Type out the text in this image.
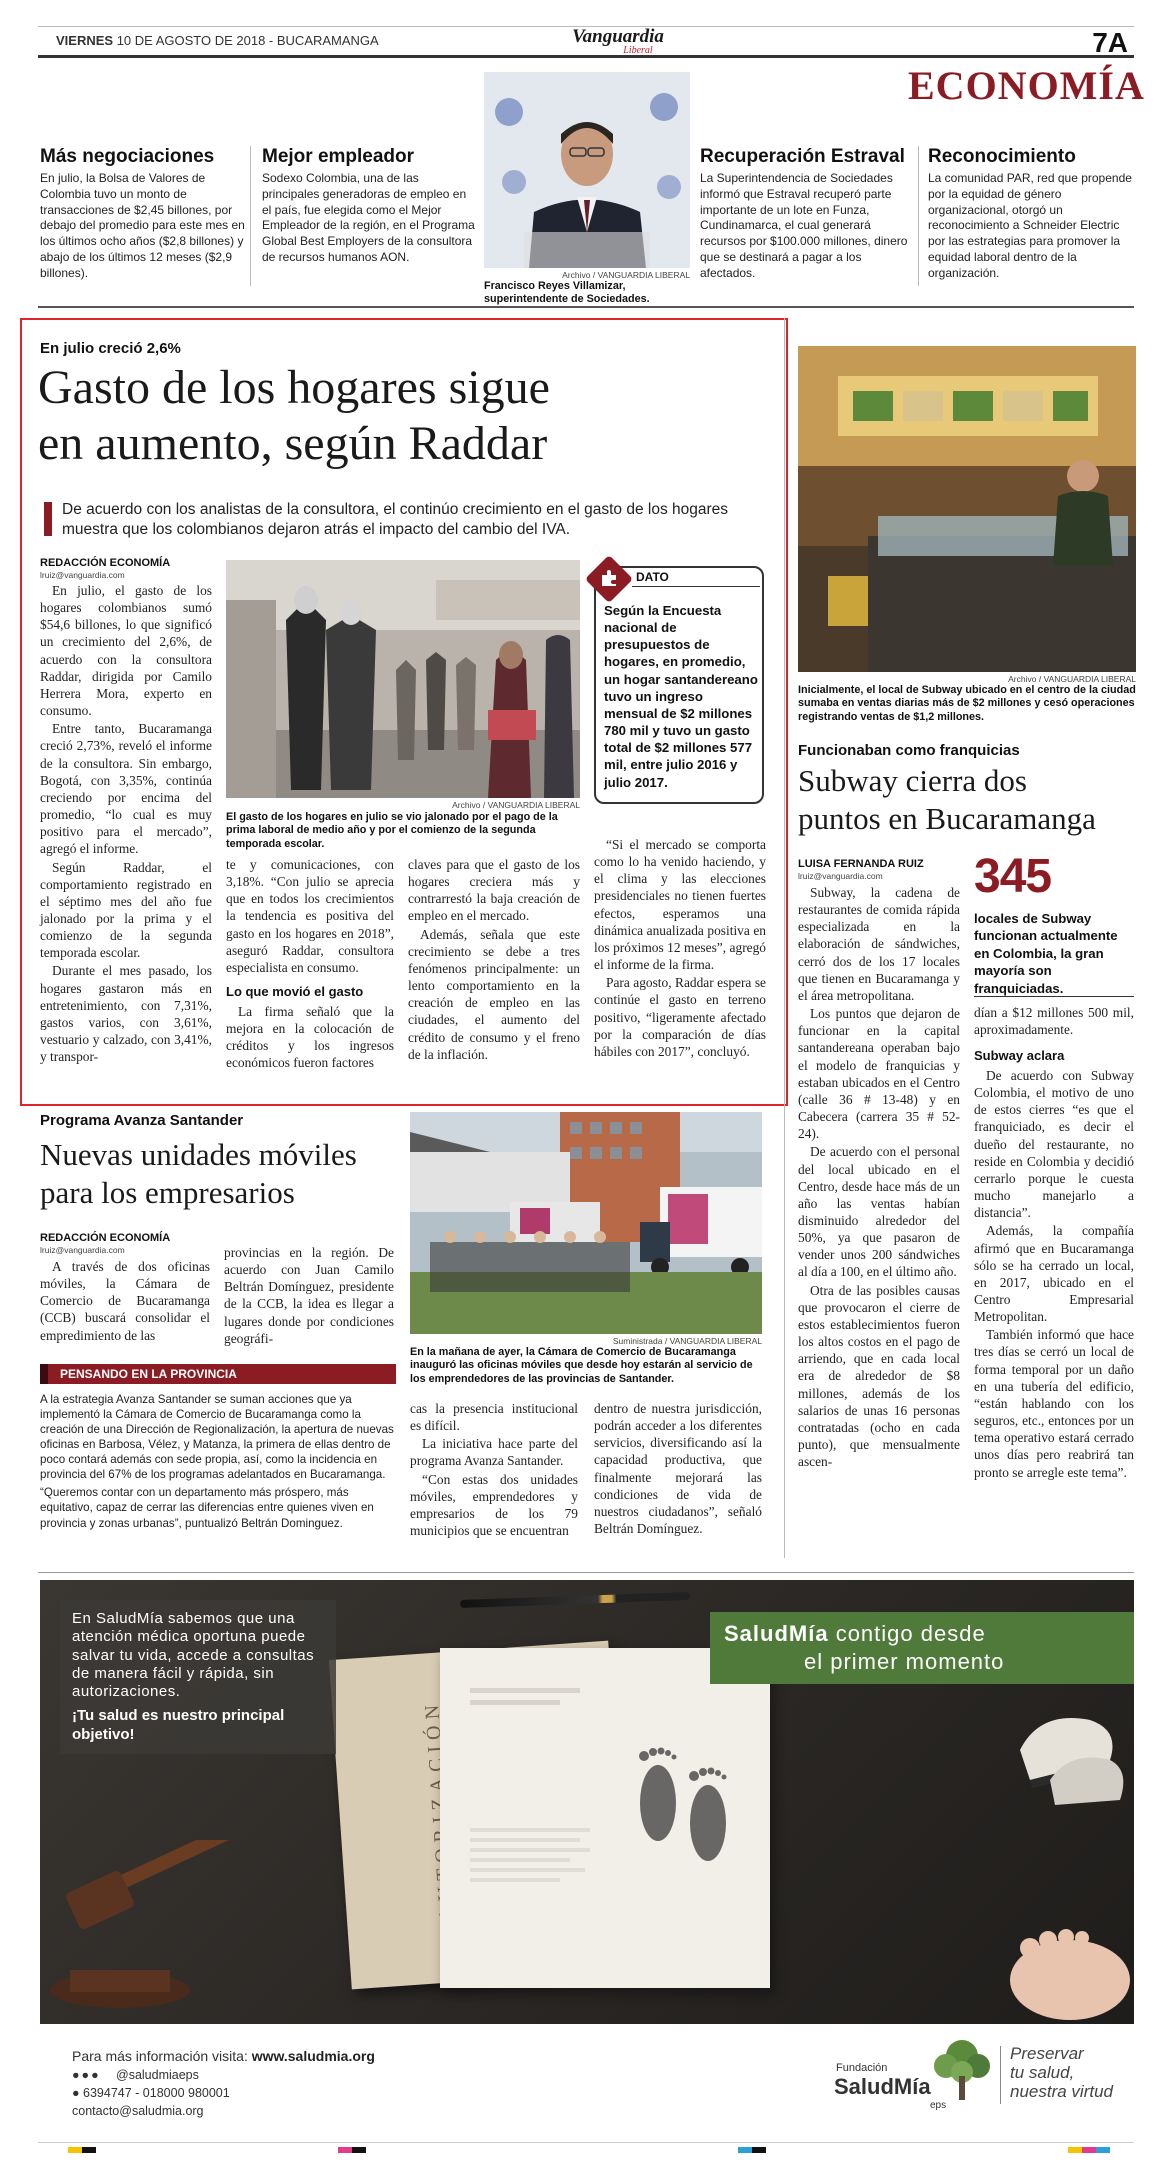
VIERNES 10 DE AGOSTO DE 2018 - BUCARAMANGA	Vanguardia
Liberal	7A
ECONOMÍA
Más negociaciones
En julio, la Bolsa de Valores de Colombia tuvo un monto de transacciones de $2,45 billones, por debajo del promedio para este mes en los últimos ocho años ($2,8 billones) y abajo de los últimos 12 meses ($2,9 billones).
Mejor empleador
Sodexo Colombia, una de las principales generadoras de empleo en el país, fue elegida como el Mejor Empleador de la región, en el Programa Global Best Employers de la consultora de recursos humanos AON.
Archivo / VANGUARDIA LIBERAL
Francisco Reyes Villamizar, superintendente de Sociedades.
Recuperación Estraval
La Superintendencia de Sociedades informó que Estraval recuperó parte importante de un lote en Funza, Cundinamarca, el cual generará recursos por $100.000 millones, dinero que se destinará a pagar a los afectados.
Reconocimiento
La comunidad PAR, red que propende por la equidad de género organizacional, otorgó un reconocimiento a Schneider Electric por las estrategias para promover la equidad laboral dentro de la organización.
En julio creció 2,6%
Gasto de los hogares sigue
en aumento, según Raddar
De acuerdo con los analistas de la consultora, el continúo crecimiento en el gasto de los hogares muestra que los colombianos dejaron atrás el impacto del cambio del IVA.
REDACCIÓN ECONOMÍA
lruiz@vanguardia.com

En julio, el gasto de los hogares colombianos sumó $54,6 billones, lo que significó un crecimiento del 2,6%, de acuerdo con la consultora Raddar, dirigida por Camilo Herrera Mora, experto en consumo.

Entre tanto, Bucaramanga creció 2,73%, reveló el informe de la consultora. Sin embargo, Bogotá, con 3,35%, continúa creciendo por encima del promedio, “lo cual es muy positivo para el mercado”, agregó el informe.

Según Raddar, el comportamiento registrado en el séptimo mes del año fue jalonado por la prima y el comienzo de la segunda temporada escolar.

Durante el mes pasado, los hogares gastaron más en entretenimiento, con 7,31%, gastos varios, con 3,61%, vestuario y calzado, con 3,41%, y transpor-

Archivo / VANGUARDIA LIBERAL
El gasto de los hogares en julio se vio jalonado por el pago de la prima laboral de medio año y por el comienzo de la segunda temporada escolar.
DATO
Según la Encuesta nacional de presupuestos de hogares, en promedio, un hogar santandereano tuvo un ingreso mensual de $2 millones 780 mil y tuvo un gasto total de $2 millones 577 mil, entre julio 2016 y julio 2017.

te y comunicaciones, con 3,18%. “Con julio se aprecia que en todos los crecimientos la tendencia es positiva del gasto en los hogares en 2018”, aseguró Raddar, consultora especialista en consumo.

Lo que movió el gasto

La firma señaló que la mejora en la colocación de créditos y los ingresos económicos fueron factores

claves para que el gasto de los hogares creciera más y contrarrestó la baja creación de empleo en el mercado.

Además, señala que este crecimiento se debe a tres fenómenos principalmente: un lento comportamiento en la creación de empleo en las ciudades, el aumento del crédito de consumo y el freno de la inflación.

“Si el mercado se comporta como lo ha venido haciendo, y el clima y las elecciones presidenciales no tienen fuertes efectos, esperamos una dinámica anualizada positiva en los próximos 12 meses”, agregó el informe de la firma.

Para agosto, Raddar espera se continúe el gasto en terreno positivo, “ligeramente afectado por la comparación de días hábiles con 2017”, concluyó.

Archivo / VANGUARDIA LIBERAL
Inicialmente, el local de Subway ubicado en el centro de la ciudad sumaba en ventas diarias más de $2 millones y cesó operaciones registrando ventas de $1,2 millones.
Funcionaban como franquicias
Subway cierra dos
puntos en Bucaramanga
LUISA FERNANDA RUIZ
lruiz@vanguardia.com 345
locales de Subway funcionan actualmente en Colombia, la gran mayoría son franquiciadas.

Subway, la cadena de restaurantes de comida rápida especializada en la elaboración de sándwiches, cerró dos de los 17 locales que tienen en Bucaramanga y el área metropolitana.

Los puntos que dejaron de funcionar en la capital santandereana operaban bajo el modelo de franquicias y estaban ubicados en el Centro (calle 36 # 13-48) y en Cabecera (carrera 35 # 52-24).

De acuerdo con el personal del local ubicado en el Centro, desde hace más de un año las ventas habían disminuido alrededor del 50%, ya que pasaron de vender unos 200 sándwiches al día a 100, en el último año.

Otra de las posibles causas que provocaron el cierre de estos establecimientos fueron los altos costos en el pago de arriendo, que en cada local era de alrededor de $8 millones, además de los salarios de unas 16 personas contratadas (ocho en cada punto), que mensualmente ascen-

dían a $12 millones 500 mil, aproximadamente.

Subway aclara

De acuerdo con Subway Colombia, el motivo de uno de estos cierres “es que el franquiciado, es decir el dueño del restaurante, no reside en Colombia y decidió cerrarlo porque le cuesta mucho manejarlo a distancia”.

Además, la compañía afirmó que en Bucaramanga sólo se ha cerrado un local, en 2017, ubicado en el Centro Empresarial Metropolitan.

También informó que hace tres días se cerró un local de forma temporal por un daño en una tubería del edificio, “están hablando con los seguros, etc., entonces por un tema operativo estará cerrado unos días pero reabrirá tan pronto se arregle este tema”.

Programa Avanza Santander
Nuevas unidades móviles
para los empresarios
REDACCIÓN ECONOMÍA
lruiz@vanguardia.com

A través de dos oficinas móviles, la Cámara de Comercio de Bucaramanga (CCB) buscará consolidar el empredimiento de las

provincias en la región. De acuerdo con Juan Camilo Beltrán Domínguez, presidente de la CCB, la idea es llegar a lugares donde por condiciones geográfi-

PENSANDO EN LA PROVINCIA
A la estrategia Avanza Santander se suman acciones que ya implementó la Cámara de Comercio de Bucaramanga como la creación de una Dirección de Regionalización, la apertura de nuevas oficinas en Barbosa, Vélez, y Matanza, la primera de ellas dentro de poco contará además con sede propia, así, como la incidencia en provincia del 67% de los programas adelantados en Bucaramanga.
“Queremos contar con un departamento más próspero, más equitativo, capaz de cerrar las diferencias entre quienes viven en provincia y zonas urbanas”, puntualizó Beltrán Dominguez.
Suministrada / VANGUARDIA LIBERAL
En la mañana de ayer, la Cámara de Comercio de Bucaramanga inauguró las oficinas móviles que desde hoy estarán al servicio de los emprendedores de las provincias de Santander.

cas la presencia institucional es difícil.

La iniciativa hace parte del programa Avanza Santander.

“Con estas dos unidades móviles, emprendedores y empresarios de los 79 municipios que se encuentran

dentro de nuestra jurisdicción, podrán acceder a los diferentes servicios, diversificando así la capacidad productiva, que finalmente mejorará las condiciones de vida de nuestros ciudadanos”, señaló Beltrán Domínguez.

En SaludMía sabemos que una atención médica oportuna puede salvar tu vida, accede a consultas de manera fácil y rápida, sin autorizaciones.
¡Tu salud es nuestro principal objetivo!
SaludMía contigo desde
el primer momento
Para más información visita: www.saludmia.org
●●● @saludmiaeps
● 6394747 - 018000 980001
contacto@saludmia.org
Fundación
SaludMía
eps
Preservar
tu salud,
nuestra virtud
